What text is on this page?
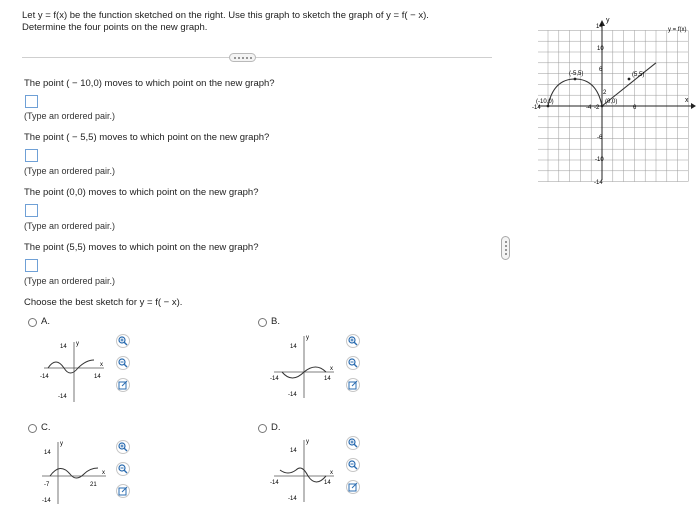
Let y = f(x) be the function sketched on the right. Use this graph to sketch the graph of y = f( − x).
Determine the four points on the new graph.
The point ( − 10,0) moves to which point on the new graph?
(Type an ordered pair.)
The point ( − 5,5) moves to which point on the new graph?
(Type an ordered pair.)
The point (0,0) moves to which point on the new graph?
(Type an ordered pair.)
The point (5,5) moves to which point on the new graph?
(Type an ordered pair.)
Choose the best sketch for y = f( − x).
A.
y
x
14
-14	14
-14
B.
y
x
14
-14	14
-14
C.
y
x
14
-7	21
-14
D.
y
x
14
-14	14
-14
y
x
y = f(x)
(-10,0)
(-5,5)
(0,0)
(5,5)
-14	-4 -2	6
14
10
6
2
-6
-10
-14
